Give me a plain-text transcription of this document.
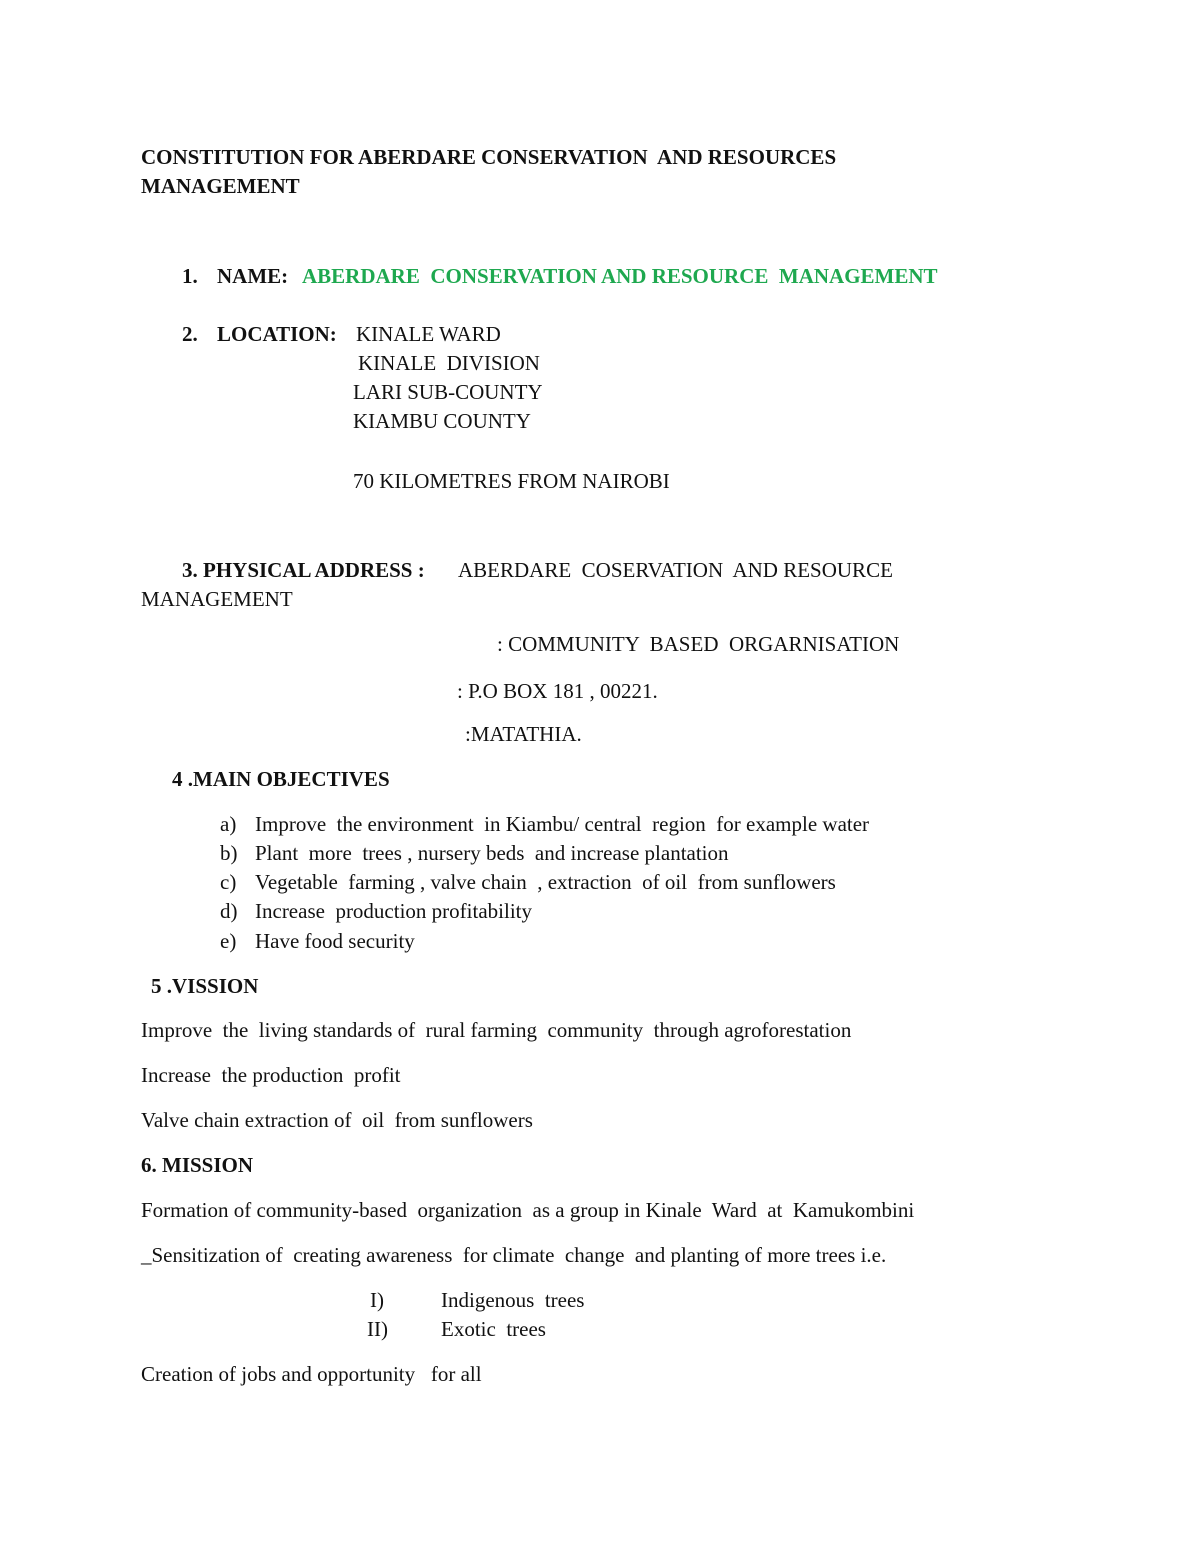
CONSTITUTION FOR ABERDARE CONSERVATION  AND RESOURCES
MANAGEMENT
1. NAME: ABERDARE  CONSERVATION AND RESOURCE  MANAGEMENT
2. LOCATION: KINALE WARD
KINALE  DIVISION
LARI SUB-COUNTY
KIAMBU COUNTY
70 KILOMETRES FROM NAIROBI
3. PHYSICAL ADDRESS : ABERDARE  COSERVATION  AND RESOURCE
MANAGEMENT
: COMMUNITY  BASED  ORGARNISATION
: P.O BOX 181 , 00221.
:MATATHIA.
4 .MAIN OBJECTIVES
a) Improve  the environment  in Kiambu/ central  region  for example water
b) Plant  more  trees , nursery beds  and increase plantation
c) Vegetable  farming , valve chain  , extraction  of oil  from sunflowers
d) Increase  production profitability
e) Have food security
5 .VISSION
Improve  the  living standards of  rural farming  community  through agroforestation
Increase  the production  profit
Valve chain extraction of  oil  from sunflowers
6. MISSION
Formation of community-based  organization  as a group in Kinale  Ward  at  Kamukombini
_Sensitization of  creating awareness  for climate  change  and planting of more trees i.e.
I)	Indigenous  trees
II)	Exotic  trees
Creation of jobs and opportunity   for all
